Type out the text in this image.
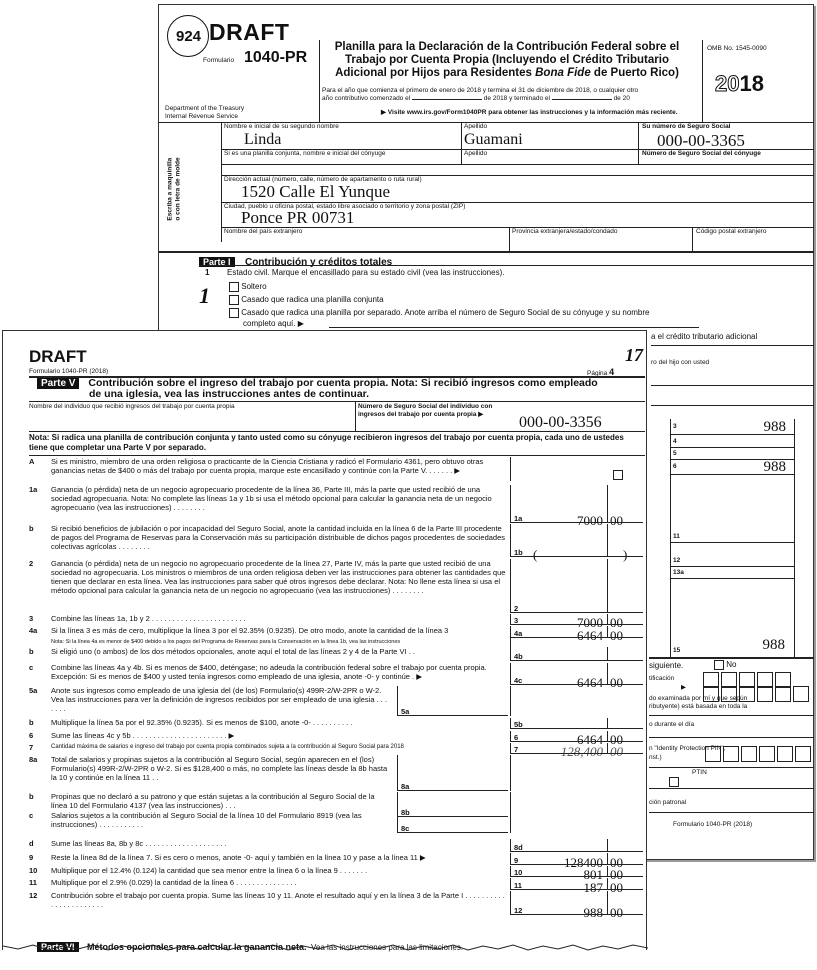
924 DRAFT
Formulario 1040-PR
Department of the Treasury
Internal Revenue Service
Planilla para la Declaración de la Contribución Federal sobre el
Trabajo por Cuenta Propia (Incluyendo el Crédito Tributario
Adicional por Hijos para Residentes Bona Fide de Puerto Rico)
Para el año que comienza el primero de enero de 2018 y termina el 31 de diciembre de 2018, o cualquier otro
año contributivo comenzado el	de 2018 y terminado el	de 20
▶ Visite www.irs.gov/Form1040PR para obtener las instrucciones y la información más reciente.
OMB No. 1545-0090
2018
Escriba a maquinilla o con letra de molde
Nombre e inicial de su segundo nombre
Linda
Apellido
Guamani
Su número de Seguro Social
000-00-3365
Si es una planilla conjunta, nombre e inicial del cónyuge	Apellido	Número de Seguro Social del cónyuge
Dirección actual (número, calle, número de apartamento o ruta rural)
1520 Calle El Yunque
Ciudad, pueblo u oficina postal, estado libre asociado o territorio y zona postal (ZIP)
Ponce PR 00731
Nombre del país extranjero	Provincia extranjera/estado/condado	Código postal extranjero
Parte I Contribución y créditos totales
1 Estado civil. Marque el encasillado para su estado civil (vea las instrucciones).
1	Soltero
Casado que radica una planilla conjunta
Casado que radica una planilla por separado. Anote arriba el número de Seguro Social de su cónyuge y su nombre
completo aquí. ▶
a el crédito tributario adicional
ro del hijo con usted
3	988
4
5
6	988
11
12
13a
15	988
siguiente.	No
tificación
▶
do examinada por mí y que según
ributyente) está basada en toda la
o durante el día
n "Identity Protection PIN",
nst.)
PTIN
ción patronal
Formulario 1040-PR (2018)
DRAFT	17
Formulario 1040-PR (2018)	Página 4
Parte V Contribución sobre el ingreso del trabajo por cuenta propia. Nota: Si recibió ingresos como empleado
de una iglesia, vea las instrucciones antes de continuar.
Nombre del individuo que recibió ingresos del trabajo por cuenta propia	Número de Seguro Social del individuo con ingresos del trabajo por cuenta propia ▶	000-00-3356
Nota: Si radica una planilla de contribución conjunta y tanto usted como su cónyuge recibieron ingresos del trabajo por cuenta propia, cada uno de ustedes tiene que completar una Parte V por separado.
A Si es ministro, miembro de una orden religiosa o practicante de la Ciencia Cristiana y radicó el Formulario 4361, pero obtuvo otras ganancias netas de $400 o más del trabajo por cuenta propia, marque este encasillado y continúe con la Parte V. . . . . . . ▶
1a Ganancia (o pérdida) neta de un negocio agropecuario procedente de la línea 36, Parte III, más la parte que usted recibió de una sociedad agropecuaria. Nota: No complete las líneas 1a y 1b si usa el método opcional para calcular la ganancia neta de un negocio agropecuario (vea las instrucciones) . . . . . . . .
1a	7000 00
b Si recibió beneficios de jubilación o por incapacidad del Seguro Social, anote la cantidad incluida en la línea 6 de la Parte III procedente de pagos del Programa de Reservas para la Conservación más su participación distribuible de dichos pagos procedentes de sociedades colectivas agrícolas . . . . . . . .
1b (	)
2 Ganancia (o pérdida) neta de un negocio no agropecuario procedente de la línea 27, Parte IV, más la parte que usted recibió de una sociedad no agropecuaria. Los ministros o miembros de una orden religiosa deben ver las instrucciones para obtener las cantidades que tienen que declarar en esta línea. Vea las instrucciones para saber qué otros ingresos debe declarar. Nota: No llene esta línea si usa el método opcional para calcular la ganancia neta de un negocio no agropecuario (vea las instrucciones) . . . . . . . .
2
3 Combine las líneas 1a, 1b y 2 . . . . . . . . . . . . . . . . . . . . . . .	3	7000 00
4a Si la línea 3 es más de cero, multiplique la línea 3 por el 92.35% (0.9235). De otro modo, anote la cantidad de la línea 3	4a	6464 00
Nota: Si la línea 4a es menor de $400 debido a los pagos del Programa de Reservas para la Conservación en la línea 1b, vea las instrucciones
b Si eligió uno (o ambos) de los dos métodos opcionales, anote aquí el total de las líneas 2 y 4 de la Parte VI . .
4b
c Combine las líneas 4a y 4b. Si es menos de $400, deténgase; no adeuda la contribución federal sobre el trabajo por cuenta propia. Excepción: Si es menos de $400 y usted tenía ingresos como empleado de una iglesia, anote -0- y continúe . ▶	4c	6464 00
5a Anote sus ingresos como empleado de una iglesia del (de los) Formulario(s) 499R-2/W-2PR o W-2. Vea las instrucciones para ver la definición de ingresos recibidos por ser empleado de una iglesia . . . . . . .	5a
b Multiplique la línea 5a por el 92.35% (0.9235). Si es menos de $100, anote -0- . . . . . . . . . .	5b
6 Sume las líneas 4c y 5b . . . . . . . . . . . . . . . . . . . . . . . ▶	6	6464 00
7	Cantidad máxima de salarios e ingreso del trabajo por cuenta propia combinados sujeta a la contribución al Seguro Social para 2018	7	128,400 00
8a Total de salarios y propinas sujetos a la contribución al Seguro Social, según aparecen en el (los) Formulario(s) 499R-2/W-2PR o W-2. Si es $128,400 o más, no complete las líneas desde la 8b hasta la 10 y continúe en la línea 11 . .
8a
b Propinas que no declaró a su patrono y que están sujetas a la contribución al Seguro Social de la línea 10 del Formulario 4137 (vea las instrucciones) . . .
8b
c Salarios sujetos a la contribución al Seguro Social de la línea 10 del Formulario 8919 (vea las instrucciones) . . . . . . . . . . .	8c
d Sume las líneas 8a, 8b y 8c . . . . . . . . . . . . . . . . . . . .	8d
9 Reste la línea 8d de la línea 7. Si es cero o menos, anote -0- aquí y también en la línea 10 y pase a la línea 11 ▶	9	128400 00
10 Multiplique por el 12.4% (0.124) la cantidad que sea menor entre la línea 6 o la línea 9 . . . . . . .	10	801 00
11 Multiplique por el 2.9% (0.029) la cantidad de la línea 6 . . . . . . . . . . . . . . .	11	187 00
12 Contribución sobre el trabajo por cuenta propia. Sume las líneas 10 y 11. Anote el resultado aquí y en la línea 3 de la Parte I . . . . . . . . . . . . . . . . . . . . . . .
12	988 00
Parte VI Métodos opcionales para calcular la ganancia neta. Vea las instrucciones para las limitaciones.
